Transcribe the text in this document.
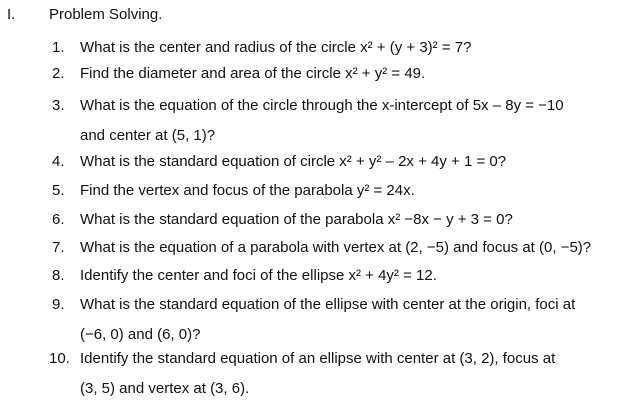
I. Problem Solving.
1. What is the center and radius of the circle x² + (y + 3)² = 7?
2. Find the diameter and area of the circle x² + y² = 49.
3. What is the equation of the circle through the x-intercept of 5x – 8y = −10
and center at (5, 1)?
4. What is the standard equation of circle x² + y² – 2x + 4y + 1 = 0?
5. Find the vertex and focus of the parabola y² = 24x.
6. What is the standard equation of the parabola x² −8x − y + 3 = 0?
7. What is the equation of a parabola with vertex at (2, −5) and focus at (0, −5)?
8. Identify the center and foci of the ellipse x² + 4y² = 12.
9. What is the standard equation of the ellipse with center at the origin, foci at
(−6, 0) and (6, 0)?
10. Identify the standard equation of an ellipse with center at (3, 2), focus at
(3, 5) and vertex at (3, 6).
